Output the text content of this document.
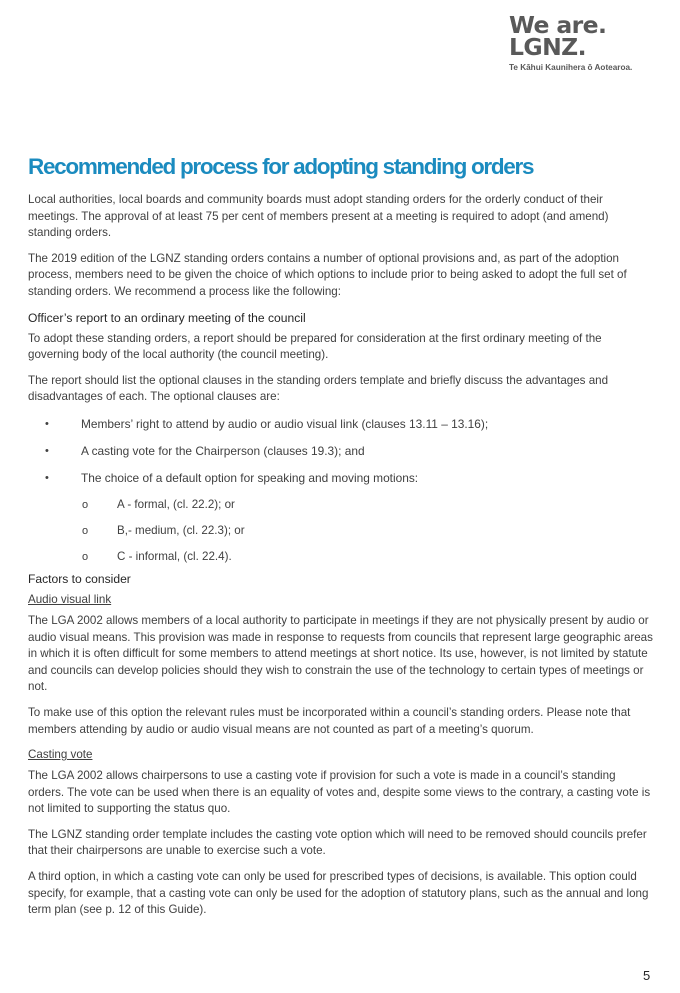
We are.
LGNZ.
Te Kāhui Kaunihera ō Aotearoa.
Recommended process for adopting standing orders

Local authorities, local boards and community boards must adopt standing orders for the orderly conduct of their meetings. The approval of at least 75 per cent of members present at a meeting is required to adopt (and amend) standing orders.

The 2019 edition of the LGNZ standing orders contains a number of optional provisions and, as part of the adoption process, members need to be given the choice of which options to include prior to being asked to adopt the full set of standing orders. We recommend a process like the following:

Officer’s report to an ordinary meeting of the council

To adopt these standing orders, a report should be prepared for consideration at the first ordinary meeting of the governing body of the local authority (the council meeting).

The report should list the optional clauses in the standing orders template and briefly discuss the advantages and disadvantages of each. The optional clauses are:

•	Members’ right to attend by audio or audio visual link (clauses 13.11 – 13.16);
•	A casting vote for the Chairperson (clauses 19.3); and
•	The choice of a default option for speaking and moving motions:
o A - formal, (cl. 22.2); or
o B,- medium, (cl. 22.3); or
o C - informal, (cl. 22.4).
Factors to consider
Audio visual link

The LGA 2002 allows members of a local authority to participate in meetings if they are not physically present by audio or audio visual means. This provision was made in response to requests from councils that represent large geographic areas in which it is often difficult for some members to attend meetings at short notice. Its use, however, is not limited by statute and councils can develop policies should they wish to constrain the use of the technology to certain types of meetings or not.

To make use of this option the relevant rules must be incorporated within a council’s standing orders. Please note that members attending by audio or audio visual means are not counted as part of a meeting’s quorum.

Casting vote

The LGA 2002 allows chairpersons to use a casting vote if provision for such a vote is made in a council’s standing orders. The vote can be used when there is an equality of votes and, despite some views to the contrary, a casting vote is not limited to supporting the status quo.

The LGNZ standing order template includes the casting vote option which will need to be removed should councils prefer that their chairpersons are unable to exercise such a vote.

A third option, in which a casting vote can only be used for prescribed types of decisions, is available. This option could specify, for example, that a casting vote can only be used for the adoption of statutory plans, such as the annual and long term plan (see p. 12 of this Guide).

5
